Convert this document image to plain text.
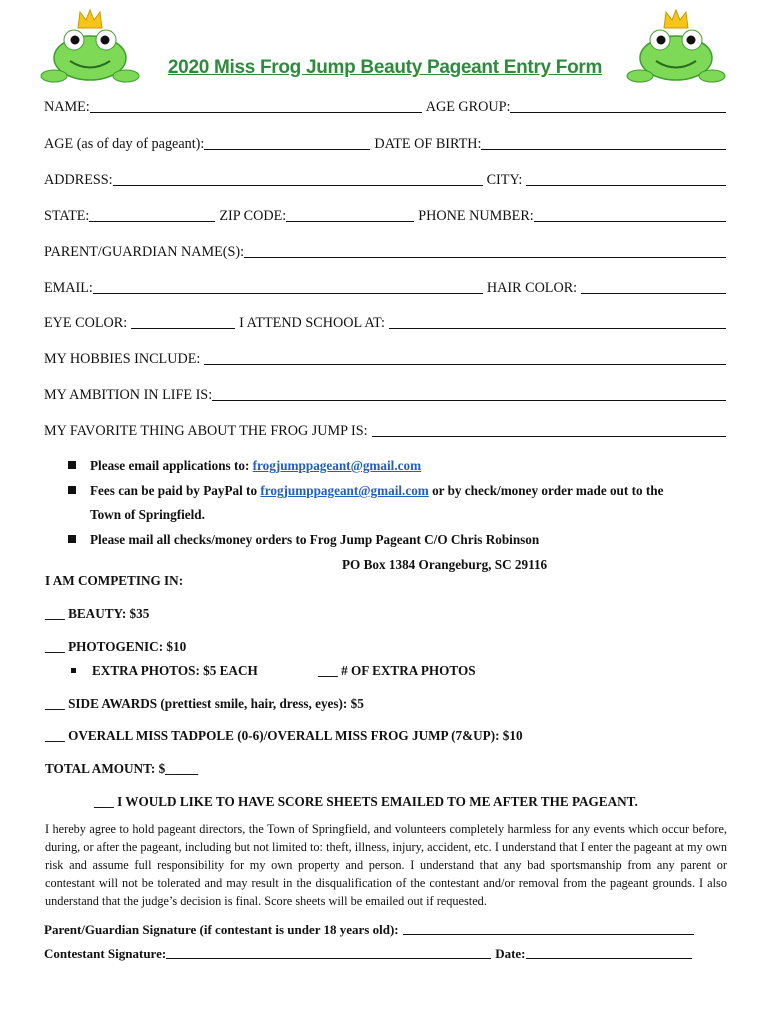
2020 Miss Frog Jump Beauty Pageant Entry Form
NAME:	AGE GROUP:
AGE (as of day of pageant):	DATE OF BIRTH:
ADDRESS:	CITY:
STATE:	ZIP CODE:	PHONE NUMBER:
PARENT/GUARDIAN NAME(S):
EMAIL:	HAIR COLOR:
EYE COLOR:	I ATTEND SCHOOL AT:
MY HOBBIES INCLUDE:
MY AMBITION IN LIFE IS:
MY FAVORITE THING ABOUT THE FROG JUMP IS:
Please email applications to: frogjumppageant@gmail.com
Fees can be paid by PayPal to frogjumppageant@gmail.com or by check/money order made out to the
Town of Springfield.
Please mail all checks/money orders to Frog Jump Pageant C/O Chris Robinson
PO Box 1384 Orangeburg, SC 29116
I AM COMPETING IN:
___ BEAUTY: $35
___ PHOTOGENIC: $10
EXTRA PHOTOS: $5 EACH	___ # OF EXTRA PHOTOS
___ SIDE AWARDS (prettiest smile, hair, dress, eyes): $5
___ OVERALL MISS TADPOLE (0-6)/OVERALL MISS FROG JUMP (7&UP): $10
TOTAL AMOUNT: $_____
___ I WOULD LIKE TO HAVE SCORE SHEETS EMAILED TO ME AFTER THE PAGEANT.
I hereby agree to hold pageant directors, the Town of Springfield, and volunteers completely harmless for any events which occur before, during, or after the pageant, including but not limited to: theft, illness, injury, accident, etc. I understand that I enter the pageant at my own risk and assume full responsibility for my own property and person. I understand that any bad sportsmanship from any parent or contestant will not be tolerated and may result in the disqualification of the contestant and/or removal from the pageant grounds. I also understand that the judge’s decision is final. Score sheets will be emailed out if requested.
Parent/Guardian Signature (if contestant is under 18 years old):
Contestant Signature:	Date:
